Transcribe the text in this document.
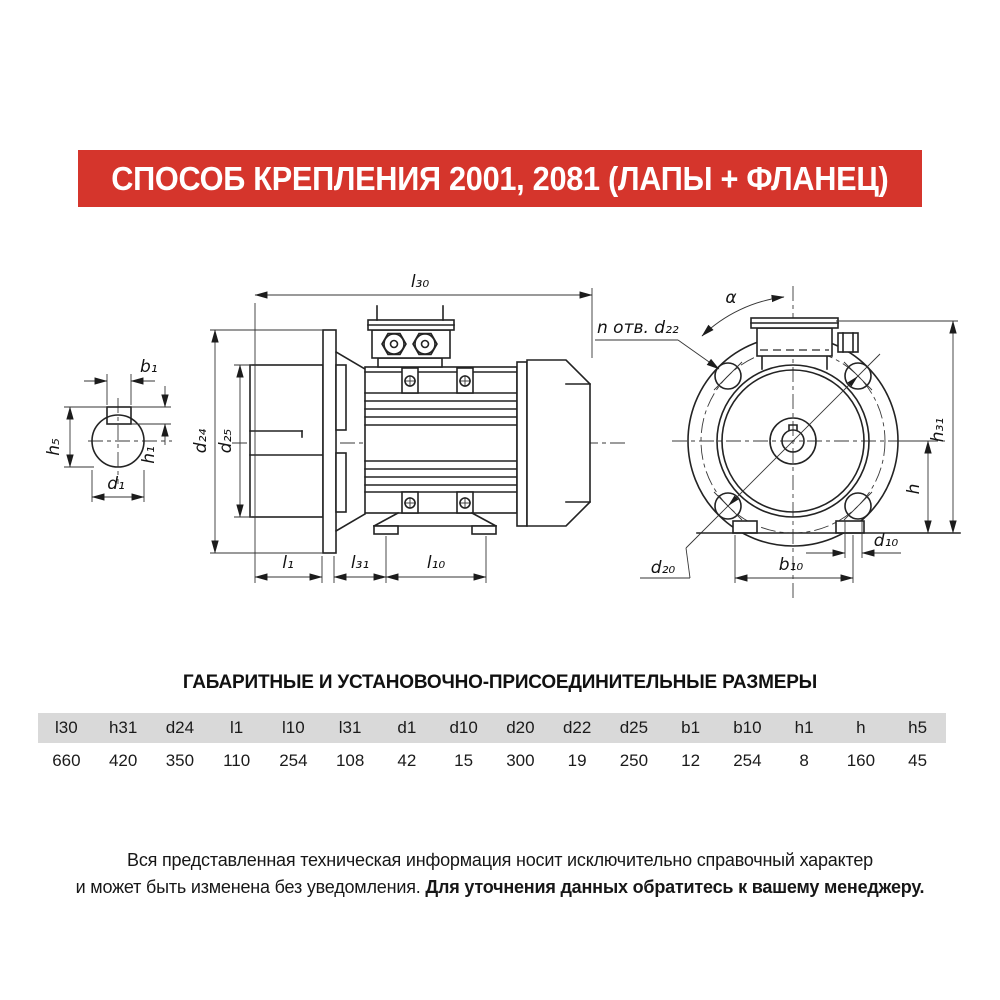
СПОСОБ КРЕПЛЕНИЯ 2001, 2081 (ЛАПЫ + ФЛАНЕЦ)
b₁
h₅	h₁
d₁
l₃₀
d₂₄ d₂₅
l₁	l₃₁	l₁₀	d₂₀
α
n отв. d₂₂
h₃₁
h
d₁₀
b₁₀
ГАБАРИТНЫЕ И УСТАНОВОЧНО-ПРИСОЕДИНИТЕЛЬНЫЕ РАЗМЕРЫ
l30	h31	d24	l1	l10	l31	d1	d10	d20	d22	d25	b1	b10	h1	h	h5
660	420	350	110	254	108	42	15	300	19	250	12	254	8	160	45
Вся представленная техническая информация носит исключительно справочный характер
и может быть изменена без уведомления. Для уточнения данных обратитесь к вашему менеджеру.
